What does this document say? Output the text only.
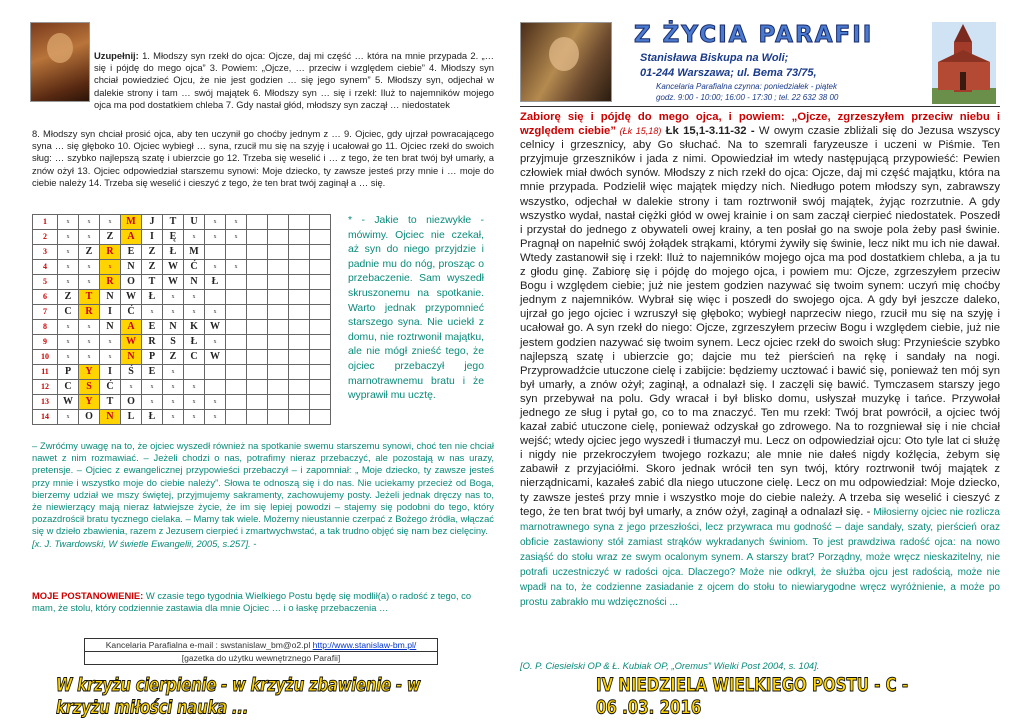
Uzupełnij: 1. Młodszy syn rzekł do ojca: Ojcze, daj mi część … która na mnie przypada 2. „… się i pójdę do mego ojca” 3. Powiem: „Ojcze, … przeciw i względem ciebie” 4. Młodszy syn chciał powiedzieć Ojcu, że nie jest godzien … się jego synem” 5. Młodszy syn, odjechał w dalekie strony i tam … swój majątek 6. Młodszy syn … się i rzekł: Iluż to najemników mojego ojca ma pod dostatkiem chleba 7. Gdy nastał głód, młodszy syn zaczął … niedostatek
8. Młodszy syn chciał prosić ojca, aby ten uczynił go choćby jednym z … 9. Ojciec, gdy ujrzał powracającego syna … się głęboko 10. Ojciec wybiegł … syna, rzucił mu się na szyję i ucałował go 11. Ojciec rzekł do swoich sług: … szybko najlepszą szatę i ubierzcie go 12. Trzeba się weselić i … z tego, że ten brat twój był umarły, a znów ożył 13. Ojciec odpowiedział starszemu synowi: Moje dziecko, ty zawsze jesteś przy mnie i … moje do ciebie należy 14. Trzeba się weselić i cieszyć z tego, że ten brat twój zaginął a … się.
1	x	x	x	M	J	T	U	x	x				
2	x	x	Z	A	I	Ę	x	x	x				
3	x	Z	R	E	Z	Ł	M						
4	x	x	x	N	Z	W	Ć	x	x				
5	x	x	R	O	T	W	N	Ł					
6	Z	T	N	W	Ł	x	x						
7	C	R	I	Ć	x	x	x	x					
8	x	x	N	A	E	N	K	W					
9	x	x	x	W	R	S	Ł	x					
10	x	x	x	N	P	Z	C	W					
11	P	Y	I	Ś	E	x							
12	C	S	Ć	x	x	x	x						
13	W	Y	T	O	x	x	x	x					
14	x	O	N	L	Ł	x	x	x					
* - Jakie to niezwykłe - mówimy. Ojciec nie czekał, aż syn do niego przyjdzie i padnie mu do nóg, prosząc o przebaczenie. Sam wyszedł skruszonemu na spotkanie. Warto jednak przypomnieć starszego syna. Nie uciekł z domu, nie roztrwonił majątku, ale nie mógł znieść tego, że ojciec przebaczył jego marnotrawnemu bratu i że wyprawił mu ucztę.
– Zwróćmy uwagę na to, że ojciec wyszedł również na spotkanie swemu starszemu synowi, choć ten nie chciał nawet z nim rozmawiać. – Jeżeli chodzi o nas, potrafimy nieraz przebaczyć, ale pozostają w nas urazy, pretensje. – Ojciec z ewangelicznej przypowieści przebaczył – i zapomniał: „ Moje dziecko, ty zawsze jesteś przy mnie i wszystko moje do ciebie należy”. Słowa te odnoszą się i do nas. Nie uciekamy przecież od Boga, bierzemy udział we mszy świętej, przyjmujemy sakramenty, zachowujemy posty. Jeżeli jednak dręczy nas to, że niewierzący mają nieraz łatwiejsze życie, że im się lepiej powodzi – stajemy się podobni do tego, który pozazdrościł bratu tycznego cielaka. – Mamy tak wiele. Możemy nieustannie czerpać z Bożego źródła, włączać się w dzieło zbawienia, razem z Jezusem cierpieć i zmartwychwstać, a tak trudno objęć się nam bez cielęciny.
[x. J. Twardowski, W świetle Ewangelii, 2005, s.257]. -
MOJE POSTANOWIENIE: W czasie tego tygodnia Wielkiego Postu będę się modlił(a) o radość z tego, co mam, że stolu, który codziennie zastawia dla mnie Ojciec … i o łaskę przebaczenia …
Kancelaria Parafialna e-mail : swstanislaw_bm@o2.pl http://www.stanislaw-bm.pl/
[gazetka do użytku wewnętrznego Parafii]
W krzyżu cierpienie - w krzyżu zbawienie - w krzyżu miłości nauka ...
Z ŻYCIA PARAFII
Stanisława Biskupa na Woli;
01-244 Warszawa; ul. Bema 73/75,
Kancelaria Parafialna czynna: poniedziałek - piątek
godz. 9:00 - 10:00; 16:00 - 17:30 ; tel. 22 632 38 00
Zabiorę się i pójdę do mego ojca, i powiem: „Ojcze, zgrzeszyłem przeciw niebu i względem ciebie” (Łk 15,18) Łk 15,1-3.11-32 - W owym czasie zbliżali się do Jezusa wszyscy celnicy i grzesznicy, aby Go słuchać. Na to szemrali faryzeusze i uczeni w Piśmie. Ten przyjmuje grzeszników i jada z nimi. Opowiedział im wtedy następującą przypowieść: Pewien człowiek miał dwóch synów. Młodszy z nich rzekł do ojca: Ojcze, daj mi część majątku, która na mnie przypada. Podzielił więc majątek między nich. Niedługo potem młodszy syn, zabrawszy wszystko, odjechał w dalekie strony i tam roztrwonił swój majątek, żyjąc rozrzutnie. A gdy wszystko wydał, nastał ciężki głód w owej krainie i on sam zaczął cierpieć niedostatek. Poszedł i przystał do jednego z obywateli owej krainy, a ten posłał go na swoje pola żeby pasł świnie. Pragnął on napełnić swój żołądek strąkami, którymi żywiły się świnie, lecz nikt mu ich nie dawał. Wtedy zastanowił się i rzekł: Iluż to najemników mojego ojca ma pod dostatkiem chleba, a ja tu z głodu ginę. Zabiorę się i pójdę do mojego ojca, i powiem mu: Ojcze, zgrzeszyłem przeciw Bogu i względem ciebie; już nie jestem godzien nazywać się twoim synem: uczyń mię choćby jednym z najemników. Wybrał się więc i poszedł do swojego ojca. A gdy był jeszcze daleko, ujrzał go jego ojciec i wzruszył się głęboko; wybiegł naprzeciw niego, rzucił mu się na szyję i ucałował go. A syn rzekł do niego: Ojcze, zgrzeszyłem przeciw Bogu i względem ciebie, już nie jestem godzien nazywać się twoim synem. Lecz ojciec rzekł do swoich sług: Przynieście szybko najlepszą szatę i ubierzcie go; dajcie mu też pierścień na rękę i sandały na nogi. Przyprowadźcie utuczone cielę i zabijcie: będziemy ucztować i bawić się, ponieważ ten mój syn był umarły, a znów ożył; zaginął, a odnalazł się. I zaczęli się bawić. Tymczasem starszy jego syn przebywał na polu. Gdy wracał i był blisko domu, usłyszał muzykę i tańce. Przywołał jednego ze sług i pytał go, co to ma znaczyć. Ten mu rzekł: Twój brat powrócił, a ojciec twój kazał zabić utuczone cielę, ponieważ odzyskał go zdrowego. Na to rozgniewał się i nie chciał wejść; wtedy ojciec jego wyszedł i tłumaczył mu. Lecz on odpowiedział ojcu: Oto tyle lat ci służę i nigdy nie przekroczyłem twojego rozkazu; ale mnie nie dałeś nigdy koźlęcia, żebym się zabawił z przyjaciółmi. Skoro jednak wrócił ten syn twój, który roztrwonił twój majątek z nierządnicami, kazałeś zabić dla niego utuczone cielę. Lecz on mu odpowiedział: Moje dziecko, ty zawsze jesteś przy mnie i wszystko moje do ciebie należy. A trzeba się weselić i cieszyć z tego, że ten brat twój był umarły, a znów ożył, zaginął a odnalazł się. - Miłosierny ojciec nie rozlicza marnotrawnego syna z jego przeszłości, lecz przywraca mu godność – daje sandały, szaty, pierścień oraz obficie zastawiony stół zamiast strąków wykradanych świniom. To jest prawdziwa radość ojca: na nowo zasiąść do stołu wraz ze swym ocalonym synem. A starszy brat? Porządny, może wręcz nieskazitelny, nie potrafi uczestniczyć w radości ojca. Dlaczego? Może nie odkrył, że służba ojcu jest radością, może nie wpadł na to, że codzienne zasiadanie z ojcem do stołu to niewiarygodne wręcz wyróżnienie, a może po prostu zabrakło mu wdzięczności ...
[O. P. Ciesielski OP & Ł. Kubiak OP, „Oremus” Wielki Post 2004, s. 104].
IV NIEDZIELA WIELKIEGO POSTU - C - 06 .03. 2016
